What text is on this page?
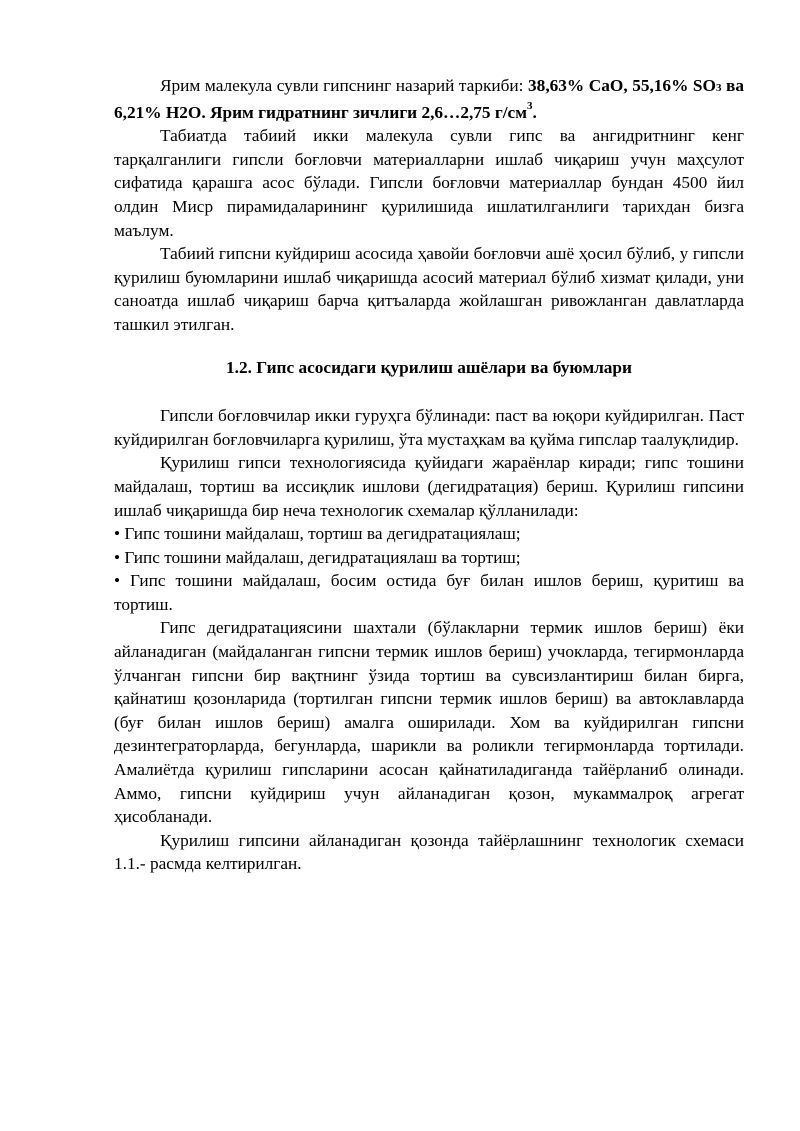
Ярим малекула сувли гипснинг назарий таркиби: 38,63% CaO, 55,16% SO3 ва 6,21% H2O. Ярим гидратнинг зичлиги 2,6…2,75 $г/см^3$.

Табиатда табиий икки малекула сувли гипс ва ангидритнинг кенг тарқалганлиги гипсли боғловчи материалларни ишлаб чиқариш учун маҳсулот сифатида қарашга асос бўлади. Гипсли боғловчи материаллар бундан 4500 йил олдин Миср пирамидаларининг қурилишида ишлатилганлиги тарихдан бизга маълум.

Табиий гипсни куйдириш асосида ҳавойи боғловчи ашё ҳосил бўлиб, у гипсли қурилиш буюмларини ишлаб чиқаришда асосий материал бўлиб хизмат қилади, уни саноатда ишлаб чиқариш барча қитъаларда жойлашган ривожланган давлатларда ташкил этилган.

1.2. Гипс асосидаги қурилиш ашёлари ва буюмлари

Гипсли боғловчилар икки гуруҳга бўлинади: паст ва юқори куйдирилган. Паст куйдирилган боғловчиларга қурилиш, ўта мустаҳкам ва қуйма гипслар таалуқлидир.

Қурилиш гипси технологиясида қуйидаги жараёнлар киради; гипс тошини майдалаш, тортиш ва иссиқлик ишлови (дегидратация) бериш. Қурилиш гипсини ишлаб чиқаришда бир неча технологик схемалар қўлланилади:

• Гипс тошини майдалаш, тортиш ва дегидратациялаш;

• Гипс тошини майдалаш, дегидратациялаш ва тортиш;

• Гипс тошини майдалаш, босим остида буғ билан ишлов бериш, қуритиш ва тортиш.

Гипс дегидратациясини шахтали (бўлакларни термик ишлов бериш) ёки айланадиган (майдаланган гипсни термик ишлов бериш) учокларда, тегирмонларда ўлчанган гипсни бир вақтнинг ўзида тортиш ва сувсизлантириш билан бирга, қайнатиш қозонларида (тортилган гипсни термик ишлов бериш) ва автоклавларда (буғ билан ишлов бериш) амалга оширилади. Хом ва куйдирилган гипсни дезинтеграторларда, бегунларда, шарикли ва роликли тегирмонларда тортилади. Амалиётда қурилиш гипсларини асосан қайнатиладиганда тайёрланиб олинади. Аммо, гипсни куйдириш учун айланадиган қозон, мукаммалроқ агрегат ҳисобланади.

Қурилиш гипсини айланадиган қозонда тайёрлашнинг технологик схемаси 1.1.- расмда келтирилган.
